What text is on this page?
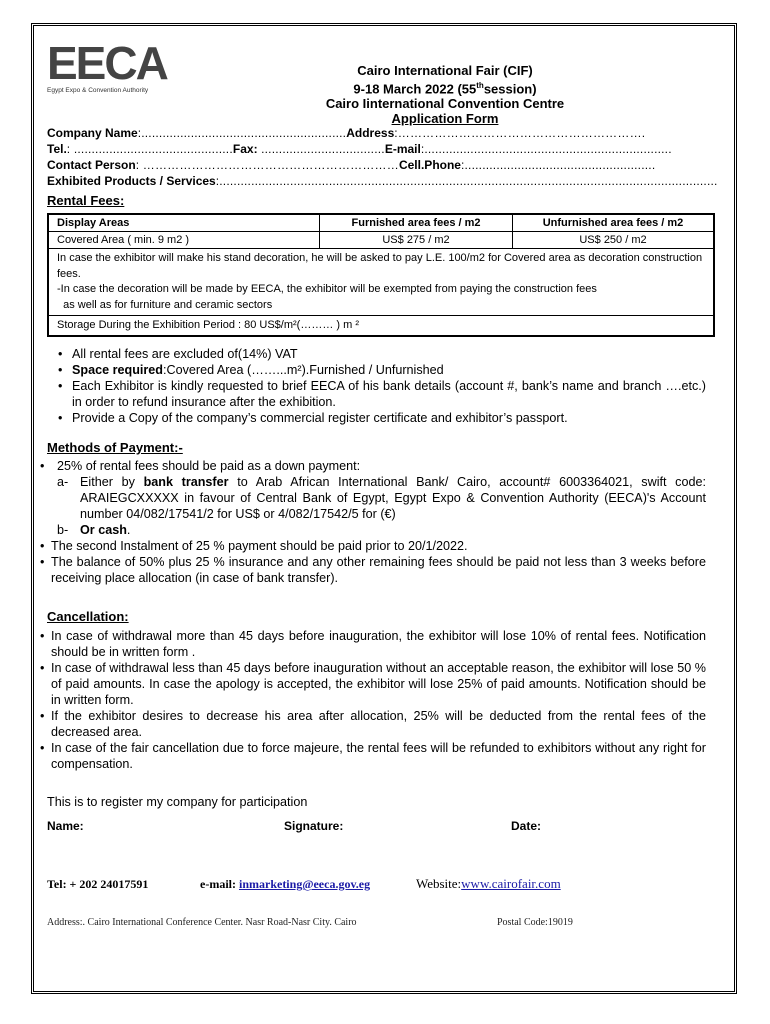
EECA
Egypt Expo & Convention Authority
Cairo International Fair (CIF)
9-18 March 2022 (55thsession)
Cairo Iinternational Convention Centre
Application Form
Company Name:..........................................................Address:…………………………………………………….
Tel.: .............................................Fax: ...................................E-mail:......................................................................
Contact Person: ………………………………………………………Cell.Phone:......................................................
Exhibited Products / Services:.............................................................................................................................................
Rental Fees:
Display Areas	Furnished area fees / m2	Unfurnished area fees / m2
Covered Area ( min. 9 m2 )	US$ 275 / m2	US$ 250 / m2

In case the exhibitor will make his stand decoration, he will be asked to pay L.E. 100/m2 for Covered area as decoration construction fees.
-In case the decoration will be made by EECA, the exhibitor will be exempted from paying the construction fees
as well as for furniture and ceramic sectors		

Storage During the Exhibition Period : 80 US$/m²(……… ) m ²		
• All rental fees are excluded of(14%) VAT
• Space required:Covered Area (……...m²).Furnished / Unfurnished
• Each Exhibitor is kindly requested to brief EECA of his bank details (account #, bank’s name and branch ….etc.) in order to refund insurance after the exhibition.
• Provide a Copy of the company’s commercial register certificate and exhibitor’s passport.
Methods of Payment:-
• 25% of rental fees should be paid as a down payment:
a- Either by bank transfer to Arab African International Bank/ Cairo, account# 6003364021, swift code: ARAIEGCXXXXX in favour of Central Bank of Egypt, Egypt Expo & Convention Authority (EECA)'s Account number 04/082/17541/2 for US$ or 4/082/17542/5 for (€)
b- Or cash.
• The second Instalment of 25 % payment should be paid prior to 20/1/2022.
• The balance of 50% plus 25 % insurance and any other remaining fees should be paid not less than 3 weeks before receiving place allocation (in case of bank transfer).
Cancellation:
• In case of withdrawal more than 45 days before inauguration, the exhibitor will lose 10% of rental fees. Notification should be in written form .
• In case of withdrawal less than 45 days before inauguration without an acceptable reason, the exhibitor will lose 50 % of paid amounts. In case the apology is accepted, the exhibitor will lose 25% of paid amounts. Notification should be in written form.
• If the exhibitor desires to decrease his area after allocation, 25% will be deducted from the rental fees of the decreased area.
• In case of the fair cancellation due to force majeure, the rental fees will be refunded to exhibitors without any right for compensation.
This is to register my company for participation
Name:	Signature:	Date:
Tel: + 202 24017591	e-mail: inmarketing@eeca.gov.eg	Website:www.cairofair.com
Address:. Cairo International Conference Center. Nasr Road-Nasr City. Cairo	Postal Code:19019
